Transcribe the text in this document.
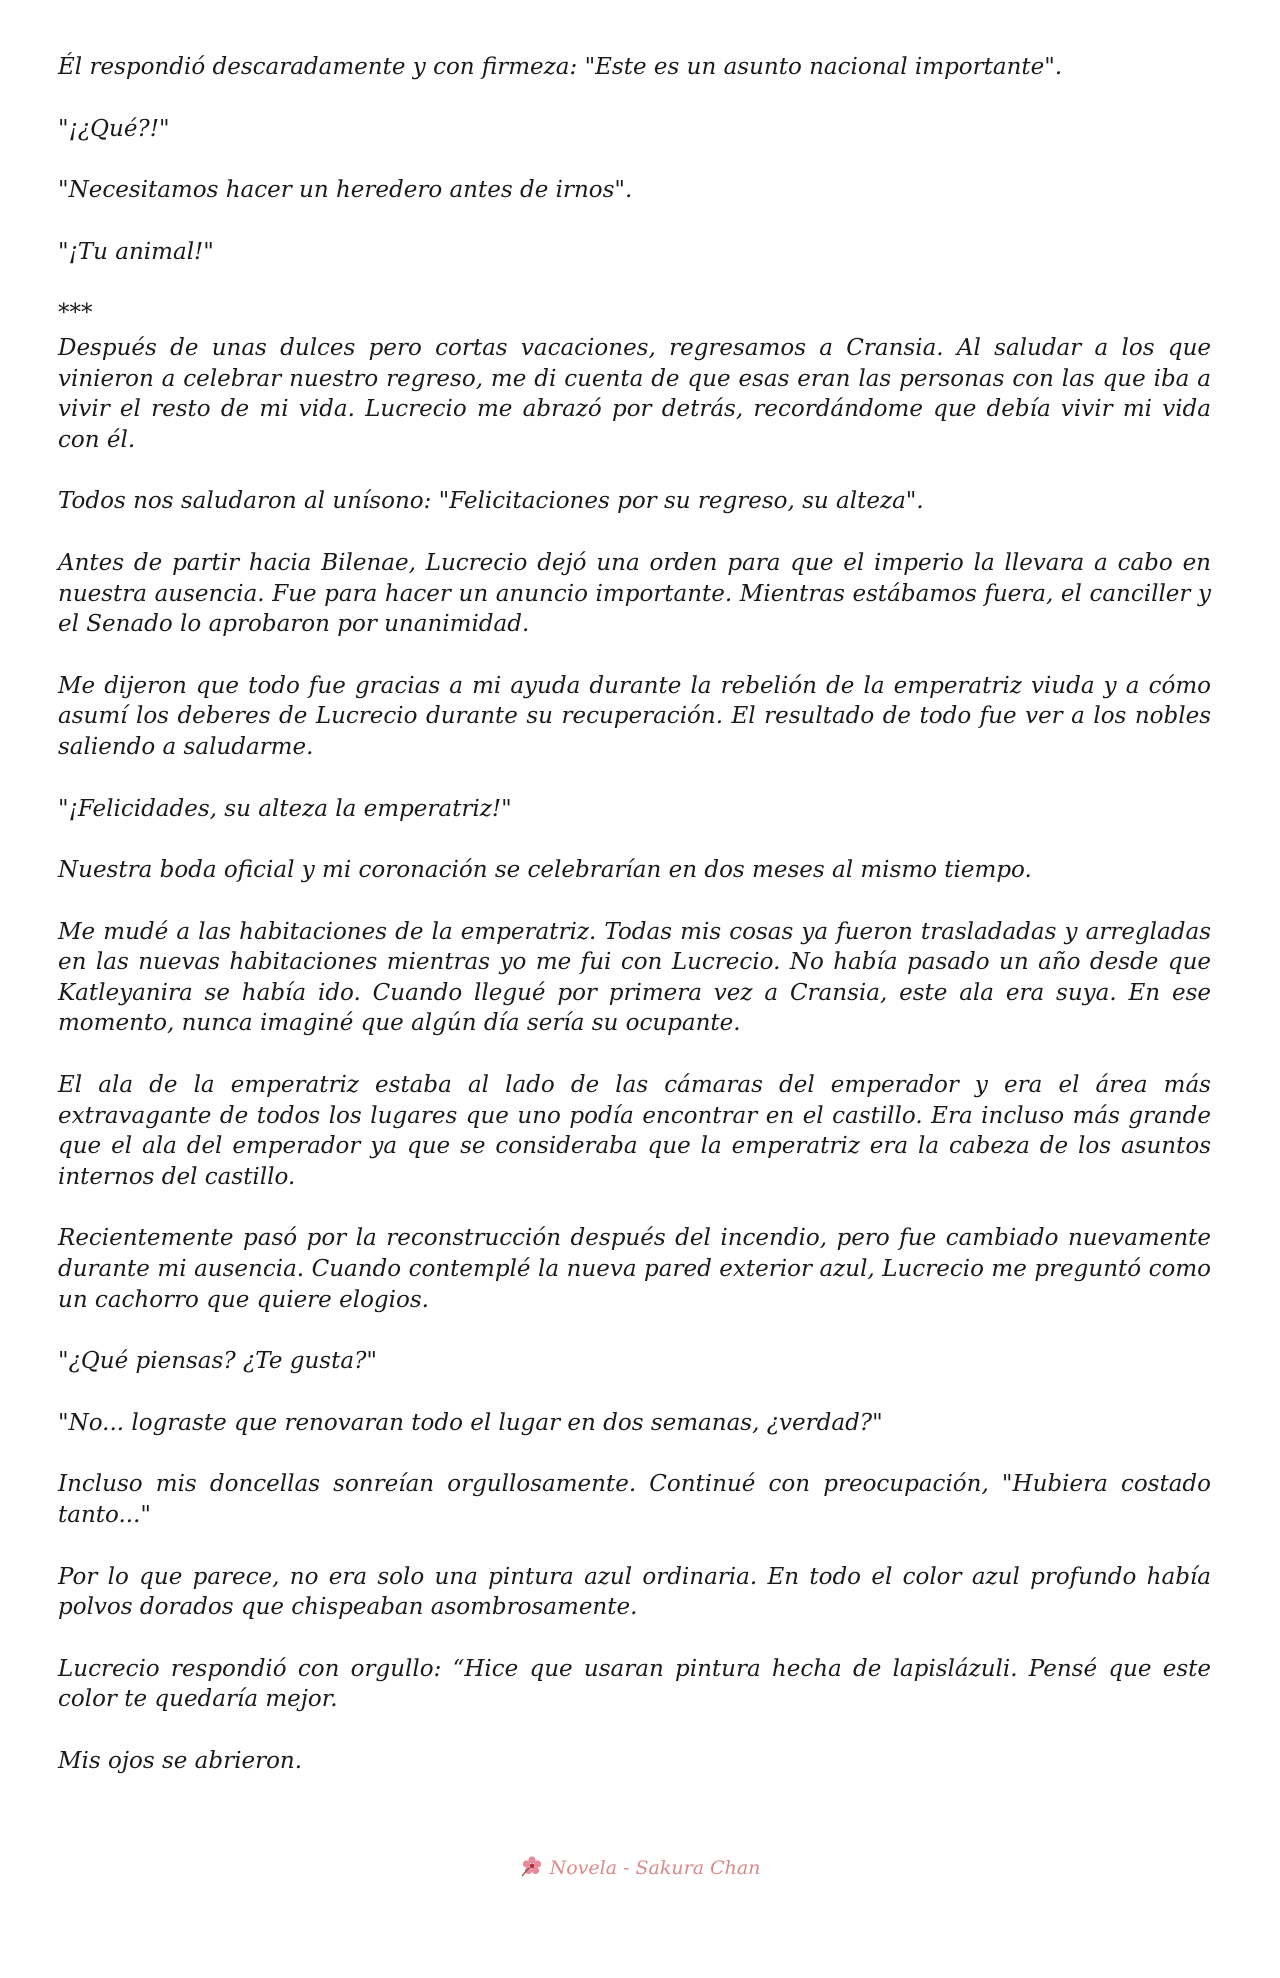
Él respondió descaradamente y con firmeza: "Este es un asunto nacional importante".

"¡¿Qué?!"

"Necesitamos hacer un heredero antes de irnos".

"¡Tu animal!"

***

Después de unas dulces pero cortas vacaciones, regresamos a Cransia. Al saludar a los que vinieron a celebrar nuestro regreso, me di cuenta de que esas eran las personas con las que iba a vivir el resto de mi vida. Lucrecio me abrazó por detrás, recordándome que debía vivir mi vida con él.

Todos nos saludaron al unísono: "Felicitaciones por su regreso, su alteza".

Antes de partir hacia Bilenae, Lucrecio dejó una orden para que el imperio la llevara a cabo en nuestra ausencia. Fue para hacer un anuncio importante. Mientras estábamos fuera, el canciller y el Senado lo aprobaron por unanimidad.

Me dijeron que todo fue gracias a mi ayuda durante la rebelión de la emperatriz viuda y a cómo asumí los deberes de Lucrecio durante su recuperación. El resultado de todo fue ver a los nobles saliendo a saludarme.

"¡Felicidades, su alteza la emperatriz!"

Nuestra boda oficial y mi coronación se celebrarían en dos meses al mismo tiempo.

Me mudé a las habitaciones de la emperatriz. Todas mis cosas ya fueron trasladadas y arregladas en las nuevas habitaciones mientras yo me fui con Lucrecio. No había pasado un año desde que Katleyanira se había ido. Cuando llegué por primera vez a Cransia, este ala era suya. En ese momento, nunca imaginé que algún día sería su ocupante.

El ala de la emperatriz estaba al lado de las cámaras del emperador y era el área más extravagante de todos los lugares que uno podía encontrar en el castillo. Era incluso más grande que el ala del emperador ya que se consideraba que la emperatriz era la cabeza de los asuntos internos del castillo.

Recientemente pasó por la reconstrucción después del incendio, pero fue cambiado nuevamente durante mi ausencia. Cuando contemplé la nueva pared exterior azul, Lucrecio me preguntó como un cachorro que quiere elogios.

"¿Qué piensas? ¿Te gusta?"

"No... lograste que renovaran todo el lugar en dos semanas, ¿verdad?"

Incluso mis doncellas sonreían orgullosamente. Continué con preocupación, "Hubiera costado tanto..."

Por lo que parece, no era solo una pintura azul ordinaria. En todo el color azul profundo había polvos dorados que chispeaban asombrosamente.

Lucrecio respondió con orgullo: “Hice que usaran pintura hecha de lapislázuli. Pensé que este color te quedaría mejor.

Mis ojos se abrieron.

Novela - Sakura Chan
